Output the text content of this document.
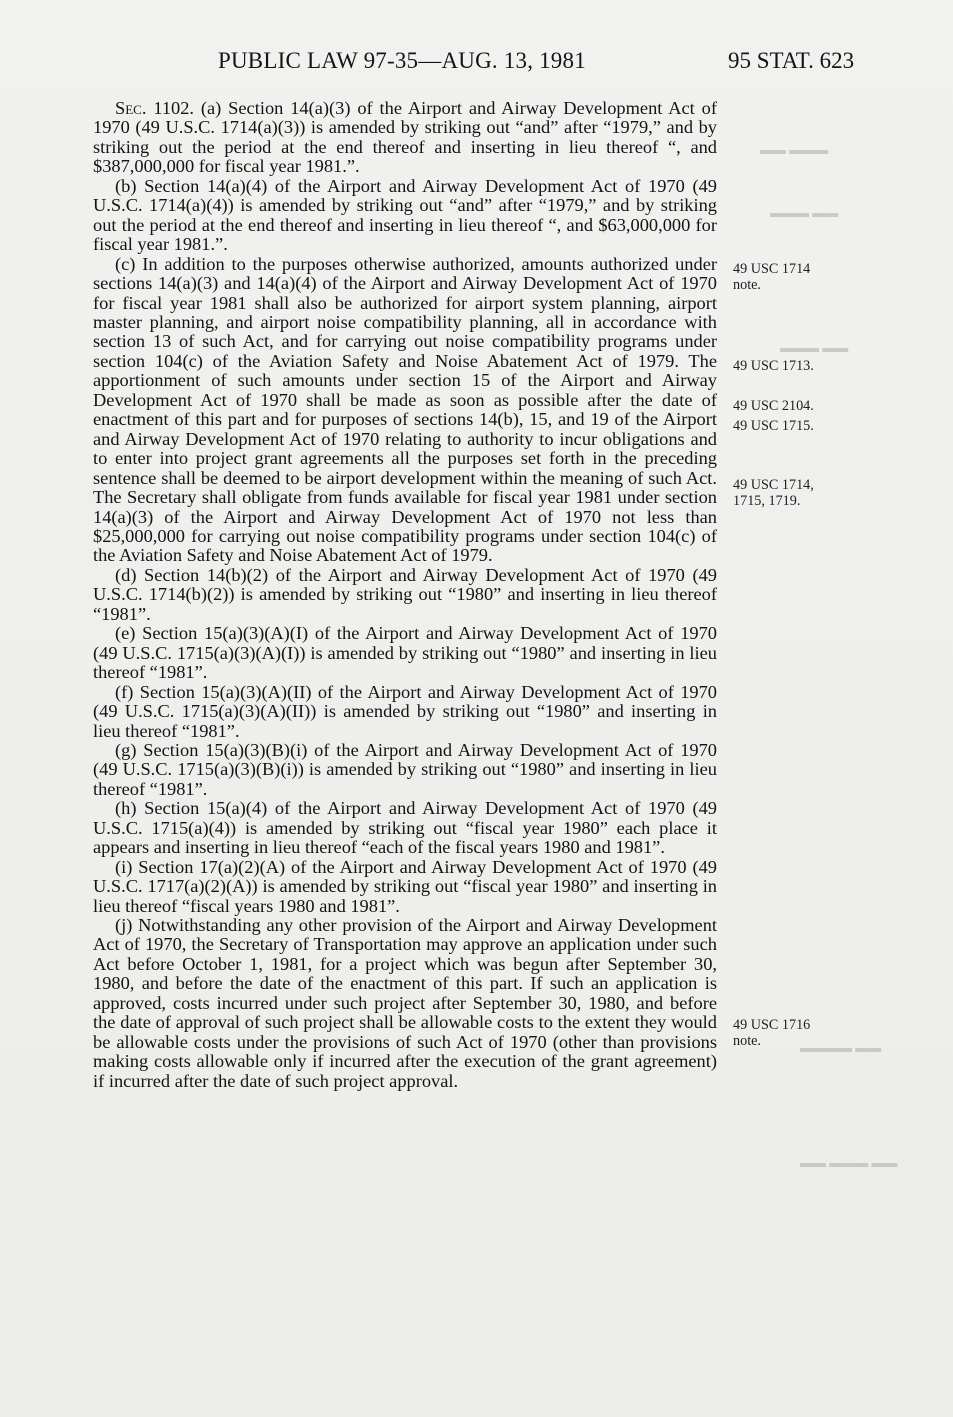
▬▬▬ ▬▬
▬▬ ▬▬▬
▬▬ ▬▬▬
▬▬ ▬▬▬▬
▬▬ ▬▬▬ ▬▬
PUBLIC LAW 97-35—AUG. 13, 1981	95 STAT. 623

Sec. 1102. (a) Section 14(a)(3) of the Airport and Airway Development Act of 1970 (49 U.S.C. 1714(a)(3)) is amended by striking out “and” after “1979,” and by striking out the period at the end thereof and inserting in lieu thereof “, and $387,000,000 for fiscal year 1981.”.

(b) Section 14(a)(4) of the Airport and Airway Development Act of 1970 (49 U.S.C. 1714(a)(4)) is amended by striking out “and” after “1979,” and by striking out the period at the end thereof and inserting in lieu thereof “, and $63,000,000 for fiscal year 1981.”.

(c) In addition to the purposes otherwise authorized, amounts authorized under sections 14(a)(3) and 14(a)(4) of the Airport and Airway Development Act of 1970 for fiscal year 1981 shall also be authorized for airport system planning, airport master planning, and airport noise compatibility planning, all in accordance with section 13 of such Act, and for carrying out noise compatibility programs under section 104(c) of the Aviation Safety and Noise Abatement Act of 1979. The apportionment of such amounts under section 15 of the Airport and Airway Development Act of 1970 shall be made as soon as possible after the date of enactment of this part and for purposes of sections 14(b), 15, and 19 of the Airport and Airway Development Act of 1970 relating to authority to incur obligations and to enter into project grant agreements all the purposes set forth in the preceding sentence shall be deemed to be airport development within the meaning of such Act. The Secretary shall obligate from funds available for fiscal year 1981 under section 14(a)(3) of the Airport and Airway Development Act of 1970 not less than $25,000,000 for carrying out noise compatibility programs under section 104(c) of the Aviation Safety and Noise Abatement Act of 1979.

(d) Section 14(b)(2) of the Airport and Airway Development Act of 1970 (49 U.S.C. 1714(b)(2)) is amended by striking out “1980” and inserting in lieu thereof “1981”.

(e) Section 15(a)(3)(A)(I) of the Airport and Airway Development Act of 1970 (49 U.S.C. 1715(a)(3)(A)(I)) is amended by striking out “1980” and inserting in lieu thereof “1981”.

(f) Section 15(a)(3)(A)(II) of the Airport and Airway Development Act of 1970 (49 U.S.C. 1715(a)(3)(A)(II)) is amended by striking out “1980” and inserting in lieu thereof “1981”.

(g) Section 15(a)(3)(B)(i) of the Airport and Airway Development Act of 1970 (49 U.S.C. 1715(a)(3)(B)(i)) is amended by striking out “1980” and inserting in lieu thereof “1981”.

(h) Section 15(a)(4) of the Airport and Airway Development Act of 1970 (49 U.S.C. 1715(a)(4)) is amended by striking out “fiscal year 1980” each place it appears and inserting in lieu thereof “each of the fiscal years 1980 and 1981”.

(i) Section 17(a)(2)(A) of the Airport and Airway Development Act of 1970 (49 U.S.C. 1717(a)(2)(A)) is amended by striking out “fiscal year 1980” and inserting in lieu thereof “fiscal years 1980 and 1981”.

(j) Notwithstanding any other provision of the Airport and Airway Development Act of 1970, the Secretary of Transportation may approve an application under such Act before October 1, 1981, for a project which was begun after September 30, 1980, and before the date of the enactment of this part. If such an application is approved, costs incurred under such project after September 30, 1980, and before the date of approval of such project shall be allowable costs to the extent they would be allowable costs under the provisions of such Act of 1970 (other than provisions making costs allowable only if incurred after the execution of the grant agreement) if incurred after the date of such project approval.

49 USC 1714
note.
49 USC 1713.
49 USC 2104.
49 USC 1715.
49 USC 1714,
1715, 1719.
49 USC 1716
note.
